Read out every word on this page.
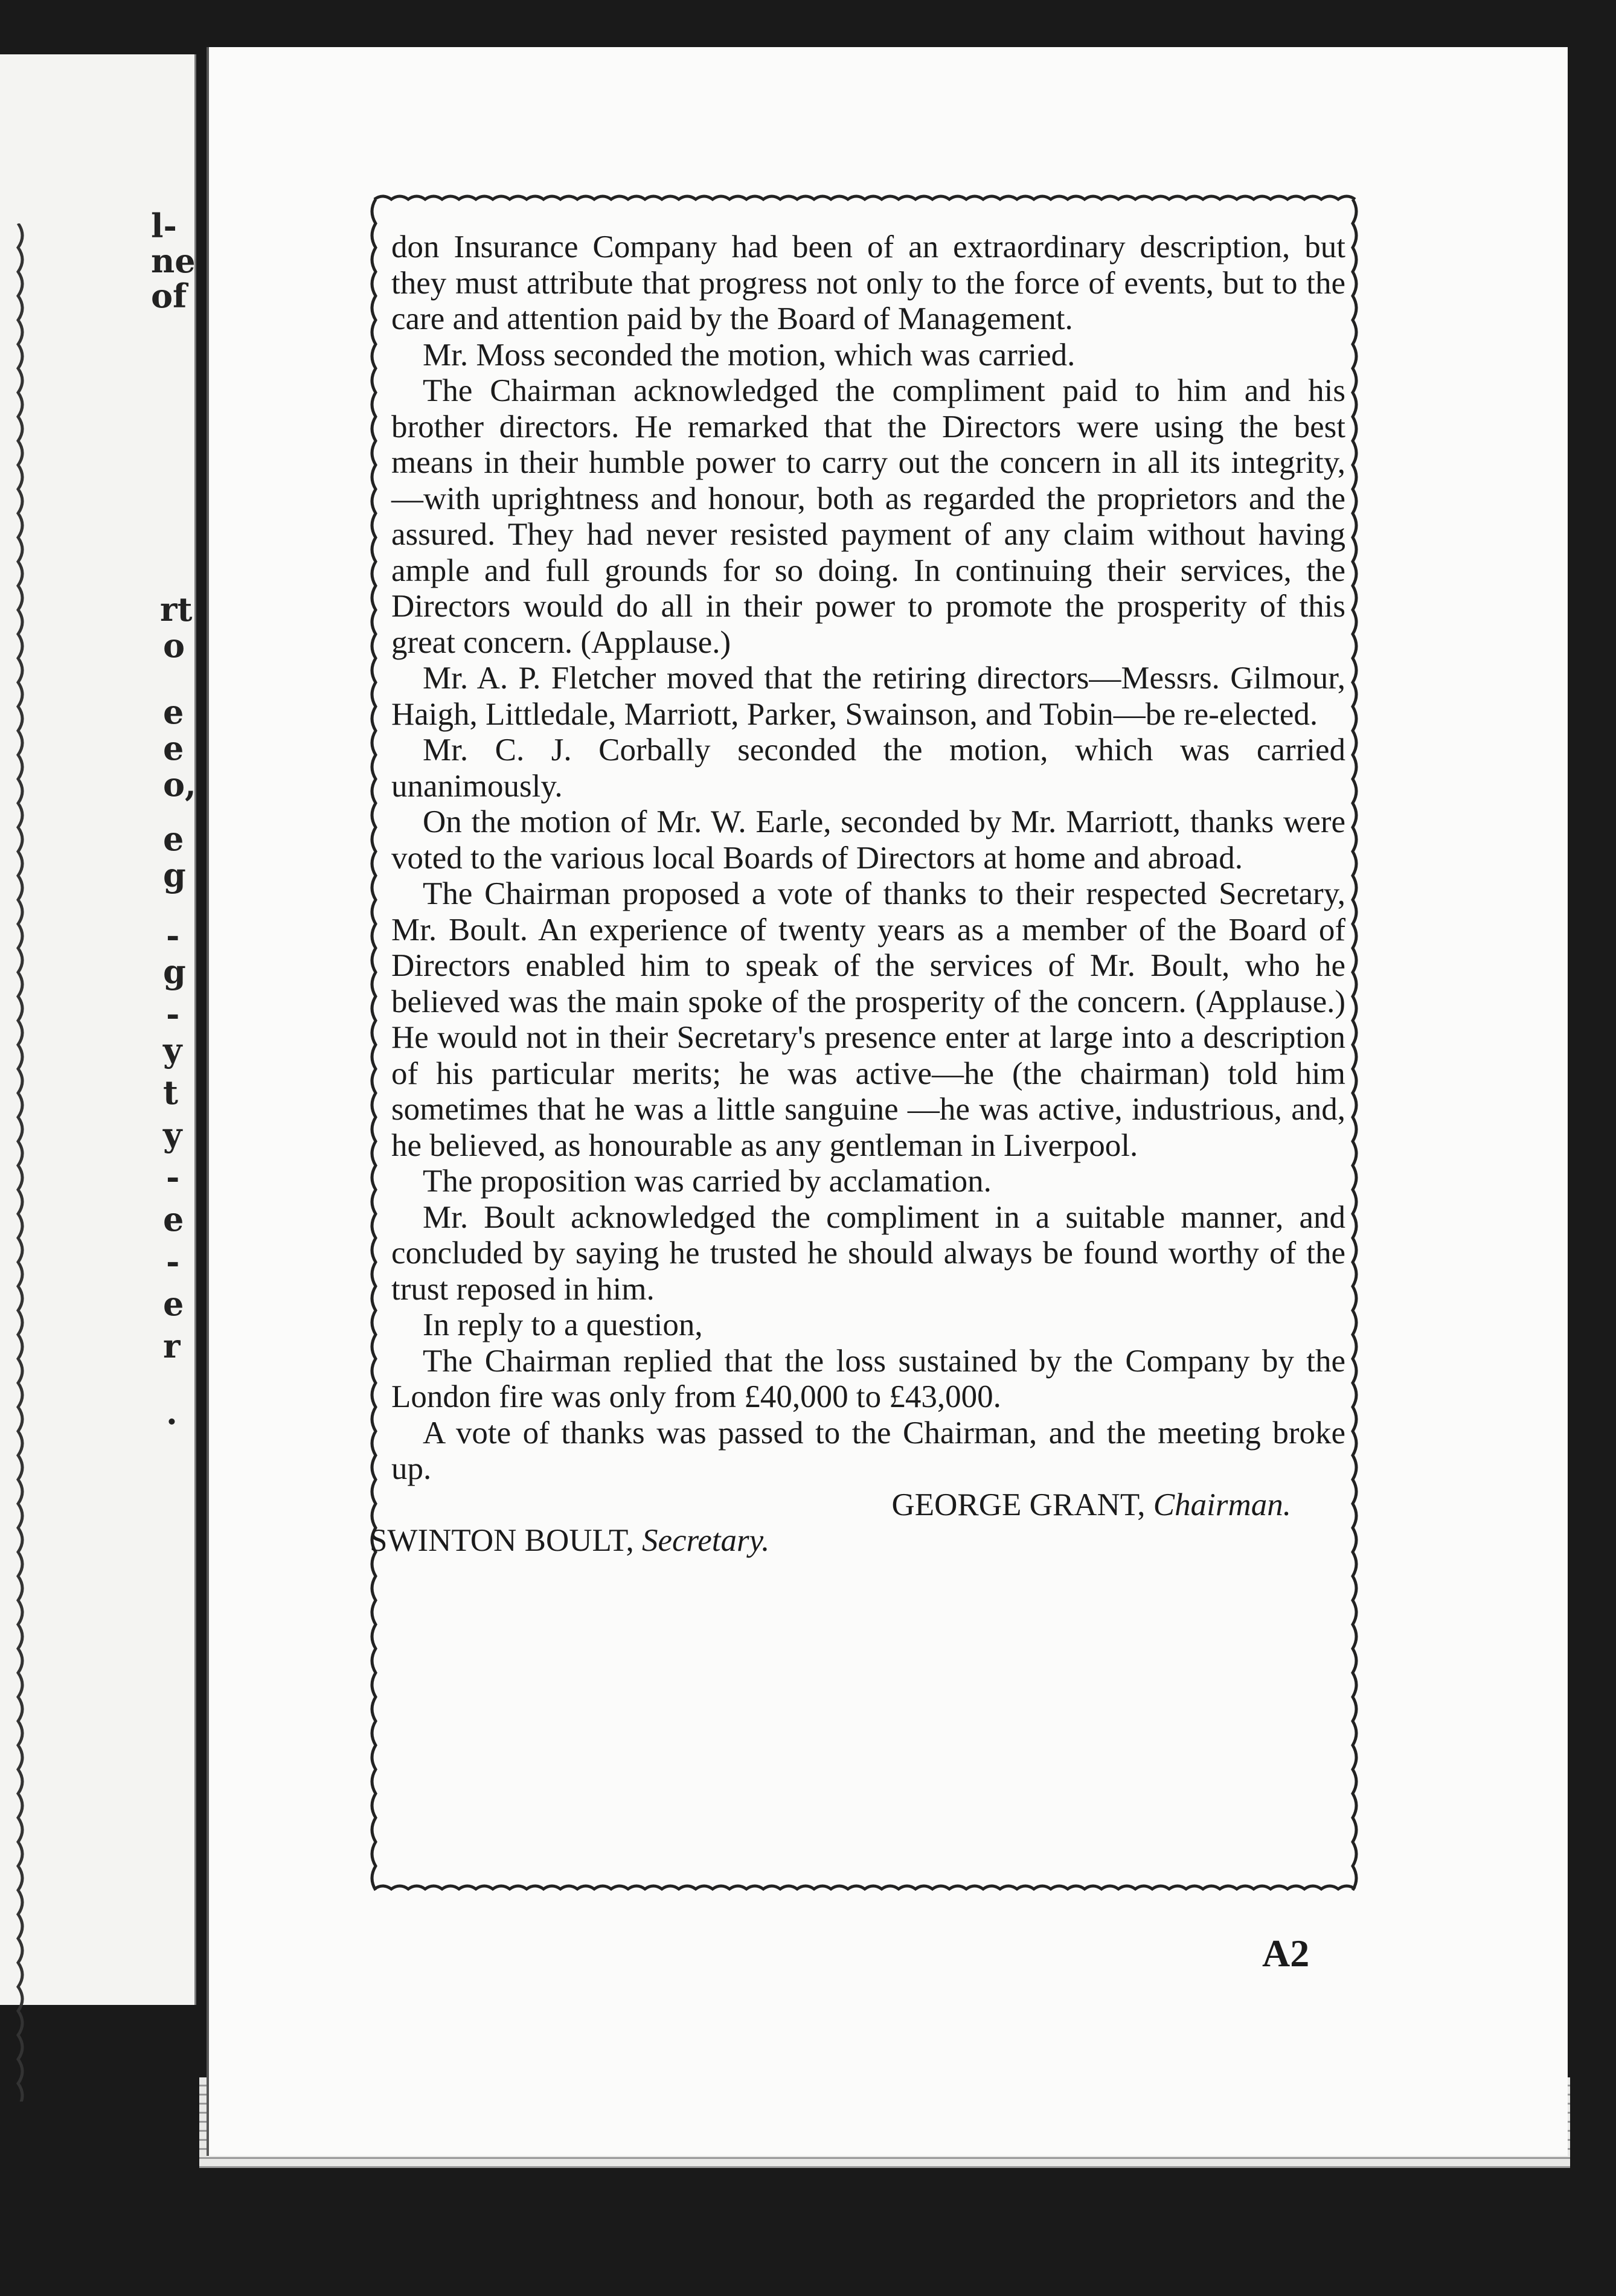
l-
ne
of
rt
o
e
e
o,
e
g
-
g
-
y
t
y
-
e
-
e
r
.

don Insurance Company had been of an extraordinary description, but they must attribute that progress not only to the force of events, but to the care and attention paid by the Board of Management.

Mr. Moss seconded the motion, which was carried.

The Chairman acknowledged the compliment paid to him and his brother directors. He remarked that the Directors were using the best means in their humble power to carry out the concern in all its integrity, —with uprightness and honour, both as regarded the proprietors and the assured. They had never resisted payment of any claim without having ample and full grounds for so doing. In continuing their services, the Directors would do all in their power to promote the prosperity of this great concern. (Applause.)

Mr. A. P. Fletcher moved that the retiring directors—Messrs. Gilmour, Haigh, Littledale, Marriott, Parker, Swainson, and Tobin—be re-elected.

Mr. C. J. Corbally seconded the motion, which was carried unanimously.

On the motion of Mr. W. Earle, seconded by Mr. Marriott, thanks were voted to the various local Boards of Directors at home and abroad.

The Chairman proposed a vote of thanks to their respected Secretary, Mr. Boult. An experience of twenty years as a member of the Board of Directors enabled him to speak of the services of Mr. Boult, who he believed was the main spoke of the prosperity of the concern. (Applause.) He would not in their Secretary's presence enter at large into a description of his particular merits; he was active—he (the chairman) told him sometimes that he was a little sanguine —he was active, industrious, and, he believed, as honourable as any gentleman in Liverpool.

The proposition was carried by acclamation.

Mr. Boult acknowledged the compliment in a suitable manner, and concluded by saying he trusted he should always be found worthy of the trust reposed in him.

In reply to a question,

The Chairman replied that the loss sustained by the Company by the London fire was only from £40,000 to £43,000.

A vote of thanks was passed to the Chairman, and the meeting broke up.

GEORGE GRANT, Chairman.

SWINTON BOULT, Secretary.

A2
